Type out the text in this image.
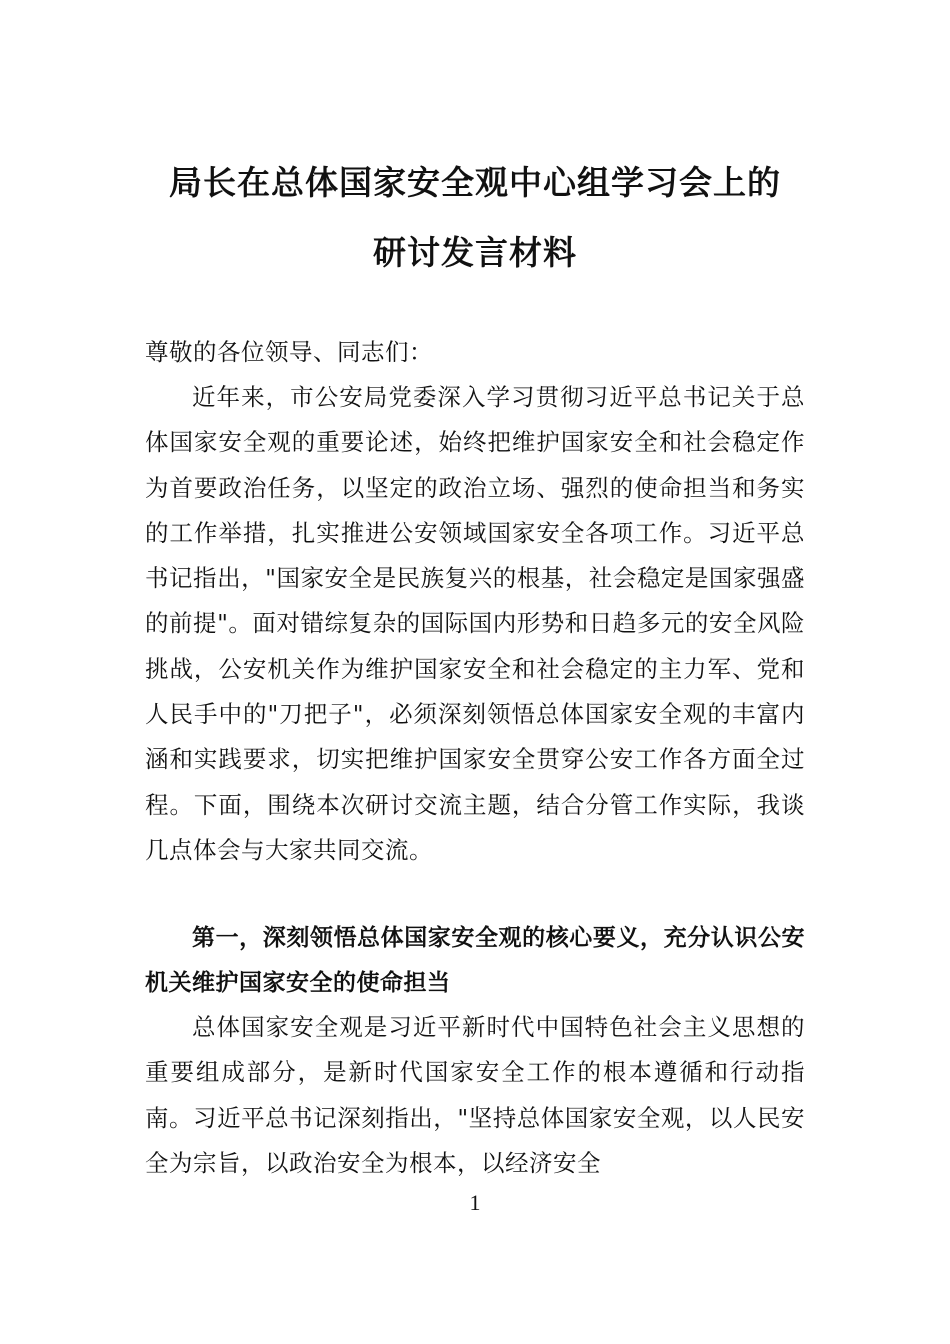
局长在总体国家安全观中心组学习会上的
研讨发言材料
尊敬的各位领导、同志们：
近年来，市公安局党委深入学习贯彻习近平总书记关于总体国家安全观的重要论述，始终把维护国家安全和社会稳定作为首要政治任务，以坚定的政治立场、强烈的使命担当和务实的工作举措，扎实推进公安领域国家安全各项工作。习近平总书记指出，"国家安全是民族复兴的根基，社会稳定是国家强盛的前提"。面对错综复杂的国际国内形势和日趋多元的安全风险挑战，公安机关作为维护国家安全和社会稳定的主力军、党和人民手中的"刀把子"，必须深刻领悟总体国家安全观的丰富内涵和实践要求，切实把维护国家安全贯穿公安工作各方面全过程。下面，围绕本次研讨交流主题，结合分管工作实际，我谈几点体会与大家共同交流。
第一，深刻领悟总体国家安全观的核心要义，充分认识公安机关维护国家安全的使命担当
总体国家安全观是习近平新时代中国特色社会主义思想的重要组成部分，是新时代国家安全工作的根本遵循和行动指南。习近平总书记深刻指出，"坚持总体国家安全观，以人民安全为宗旨，以政治安全为根本，以经济安全
1
